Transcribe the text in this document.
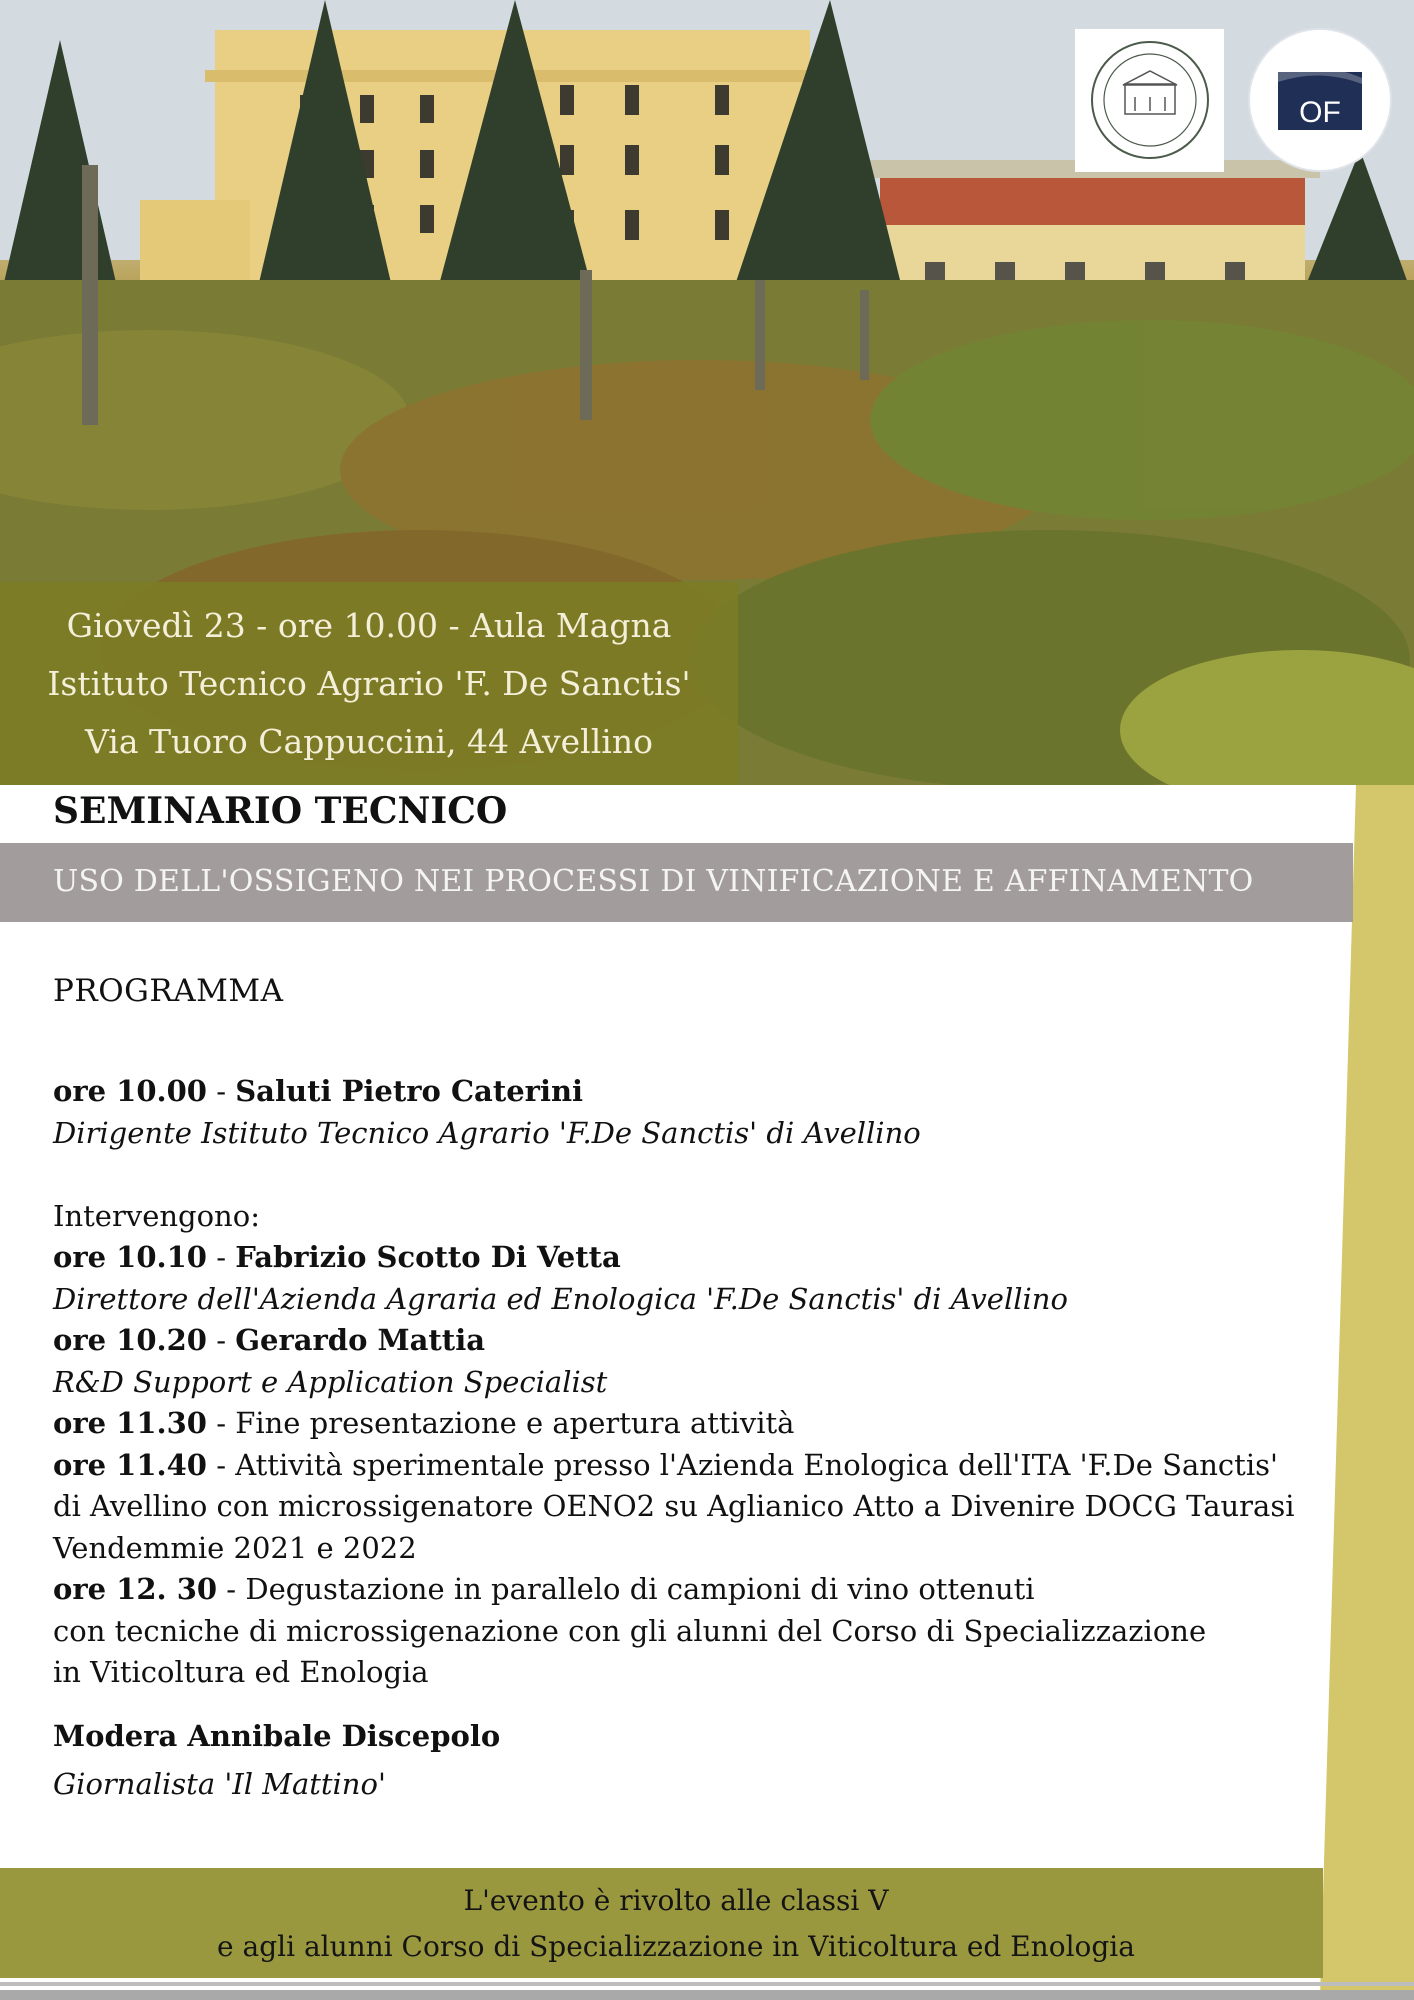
OF
Giovedì 23 - ore 10.00 - Aula Magna
Istituto Tecnico Agrario 'F. De Sanctis'
Via Tuoro Cappuccini, 44 Avellino
SEMINARIO TECNICO
USO DELL'OSSIGENO NEI PROCESSI DI VINIFICAZIONE E AFFINAMENTO
PROGRAMMA
ore 10.00 - Saluti Pietro Caterini
Dirigente Istituto Tecnico Agrario 'F.De Sanctis' di Avellino
Intervengono:
ore 10.10 - Fabrizio Scotto Di Vetta
Direttore dell'Azienda Agraria ed Enologica 'F.De Sanctis' di Avellino
ore 10.20 - Gerardo Mattia
R&D Support e Application Specialist
ore 11.30 - Fine presentazione e apertura attività
ore 11.40 - Attività sperimentale presso l'Azienda Enologica dell'ITA 'F.De Sanctis'
di Avellino con microssigenatore OENO2 su Aglianico Atto a Divenire DOCG Taurasi
Vendemmie 2021 e 2022
ore 12. 30 - Degustazione in parallelo di campioni di vino ottenuti
con tecniche di microssigenazione con gli alunni del Corso di Specializzazione
in Viticoltura ed Enologia
Modera Annibale Discepolo
Giornalista 'Il Mattino'
L'evento è rivolto alle classi V
e agli alunni Corso di Specializzazione in Viticoltura ed Enologia
